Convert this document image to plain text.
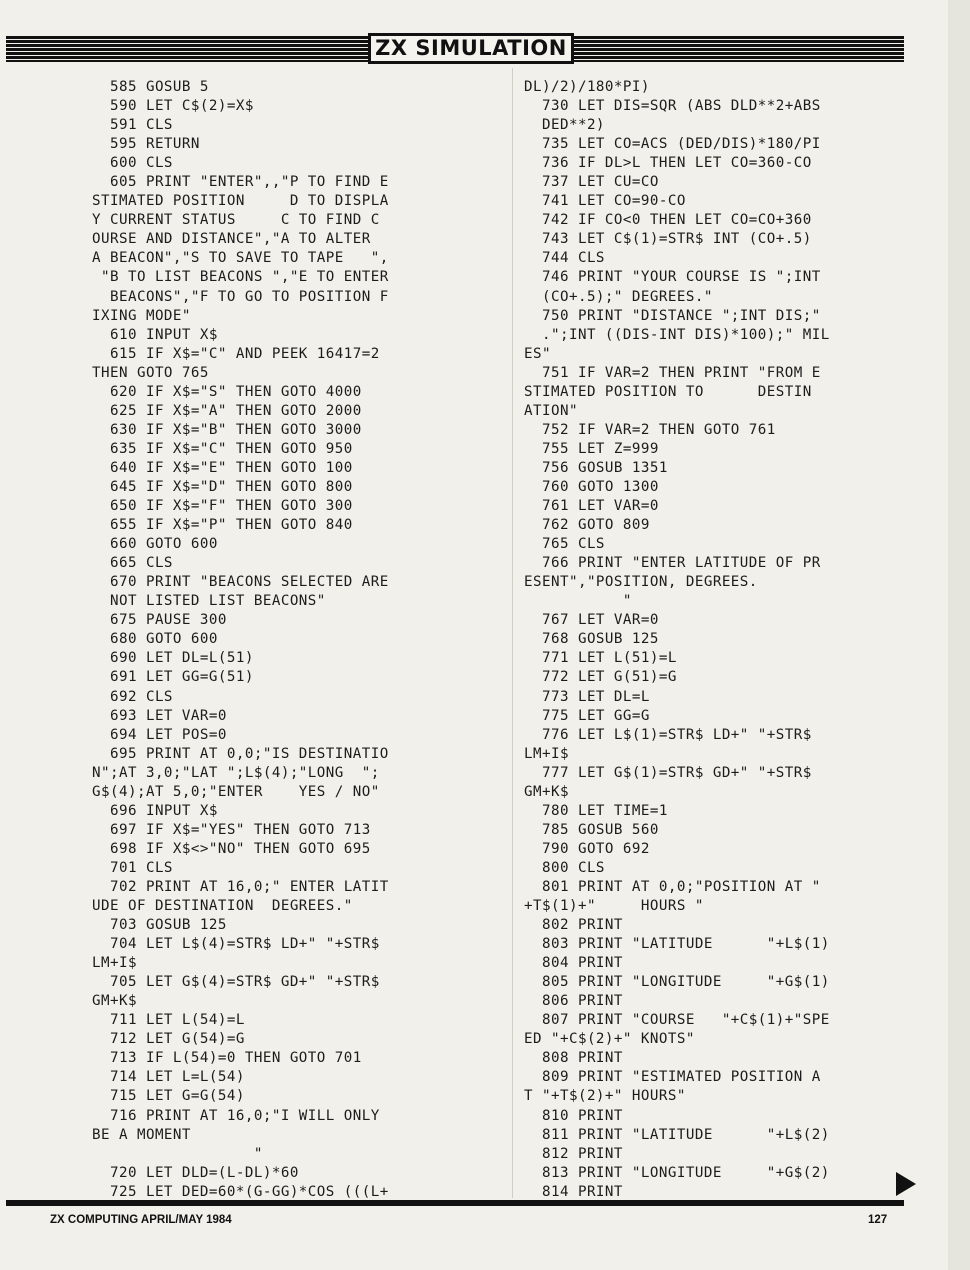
ZX SIMULATION
585 GOSUB 5
590 LET C$(2)=X$
591 CLS
595 RETURN
600 CLS
605 PRINT "ENTER",,"P TO FIND E
STIMATED POSITION     D TO DISPLA
Y CURRENT STATUS     C TO FIND C
OURSE AND DISTANCE","A TO ALTER
A BEACON","S TO SAVE TO TAPE   ",
"B TO LIST BEACONS ","E TO ENTER
BEACONS","F TO GO TO POSITION F
IXING MODE"
610 INPUT X$
615 IF X$="C" AND PEEK 16417=2
THEN GOTO 765
620 IF X$="S" THEN GOTO 4000
625 IF X$="A" THEN GOTO 2000
630 IF X$="B" THEN GOTO 3000
635 IF X$="C" THEN GOTO 950
640 IF X$="E" THEN GOTO 100
645 IF X$="D" THEN GOTO 800
650 IF X$="F" THEN GOTO 300
655 IF X$="P" THEN GOTO 840
660 GOTO 600
665 CLS
670 PRINT "BEACONS SELECTED ARE
NOT LISTED LIST BEACONS"
675 PAUSE 300
680 GOTO 600
690 LET DL=L(51)
691 LET GG=G(51)
692 CLS
693 LET VAR=0
694 LET POS=0
695 PRINT AT 0,0;"IS DESTINATIO
N";AT 3,0;"LAT ";L$(4);"LONG  ";
G$(4);AT 5,0;"ENTER    YES / NO"
696 INPUT X$
697 IF X$="YES" THEN GOTO 713
698 IF X$<>"NO" THEN GOTO 695
701 CLS
702 PRINT AT 16,0;" ENTER LATIT
UDE OF DESTINATION  DEGREES."
703 GOSUB 125
704 LET L$(4)=STR$ LD+" "+STR$
LM+I$
705 LET G$(4)=STR$ GD+" "+STR$
GM+K$
711 LET L(54)=L
712 LET G(54)=G
713 IF L(54)=0 THEN GOTO 701
714 LET L=L(54)
715 LET G=G(54)
716 PRINT AT 16,0;"I WILL ONLY
BE A MOMENT
"
720 LET DLD=(L-DL)*60
725 LET DED=60*(G-GG)*COS (((L+
DL)/2)/180*PI)
730 LET DIS=SQR (ABS DLD**2+ABS
DED**2)
735 LET CO=ACS (DED/DIS)*180/PI
736 IF DL>L THEN LET CO=360-CO
737 LET CU=CO
741 LET CO=90-CO
742 IF CO<0 THEN LET CO=CO+360
743 LET C$(1)=STR$ INT (CO+.5)
744 CLS
746 PRINT "YOUR COURSE IS ";INT
(CO+.5);" DEGREES."
750 PRINT "DISTANCE ";INT DIS;"
.";INT ((DIS-INT DIS)*100);" MIL
ES"
751 IF VAR=2 THEN PRINT "FROM E
STIMATED POSITION TO      DESTIN
ATION"
752 IF VAR=2 THEN GOTO 761
755 LET Z=999
756 GOSUB 1351
760 GOTO 1300
761 LET VAR=0
762 GOTO 809
765 CLS
766 PRINT "ENTER LATITUDE OF PR
ESENT","POSITION, DEGREES.
"
767 LET VAR=0
768 GOSUB 125
771 LET L(51)=L
772 LET G(51)=G
773 LET DL=L
775 LET GG=G
776 LET L$(1)=STR$ LD+" "+STR$
LM+I$
777 LET G$(1)=STR$ GD+" "+STR$
GM+K$
780 LET TIME=1
785 GOSUB 560
790 GOTO 692
800 CLS
801 PRINT AT 0,0;"POSITION AT "
+T$(1)+"     HOURS "
802 PRINT
803 PRINT "LATITUDE      "+L$(1)
804 PRINT
805 PRINT "LONGITUDE     "+G$(1)
806 PRINT
807 PRINT "COURSE   "+C$(1)+"SPE
ED "+C$(2)+" KNOTS"
808 PRINT
809 PRINT "ESTIMATED POSITION A
T "+T$(2)+" HOURS"
810 PRINT
811 PRINT "LATITUDE      "+L$(2)
812 PRINT
813 PRINT "LONGITUDE     "+G$(2)
814 PRINT
ZX COMPUTING APRIL/MAY 1984	127
